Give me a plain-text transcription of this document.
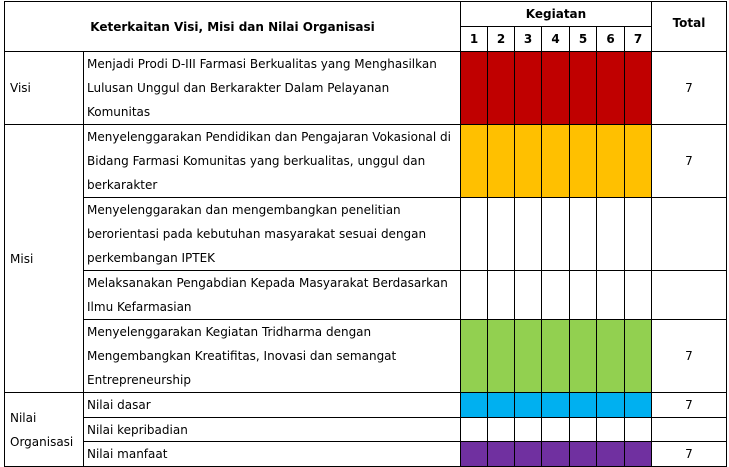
Keterkaitan Visi, Misi dan Nilai Organisasi		Kegiatan							Total
		1	2	3	4	5	6	7	
Visi	Menjadi Prodi D-III Farmasi Berkualitas yang Menghasilkan
Lulusan Unggul dan Berkarakter Dalam Pelayanan Komunitas								7
Misi	Menyelenggarakan Pendidikan dan Pengajaran Vokasional di
Bidang Farmasi Komunitas yang berkualitas, unggul dan
berkarakter								7

	Menyelenggarakan dan mengembangkan penelitian
berorientasi pada kebutuhan masyarakat sesuai dengan
perkembangan IPTEK								

	Melaksanakan Pengabdian Kepada Masyarakat Berdasarkan
Ilmu Kefarmasian								

	Menyelenggarakan Kegiatan Tridharma dengan
Mengembangkan Kreatifitas, Inovasi dan semangat
Entrepreneurship								7

Nilai
Organisasi	Nilai dasar								7

	Nilai kepribadian								

	Nilai manfaat								7
